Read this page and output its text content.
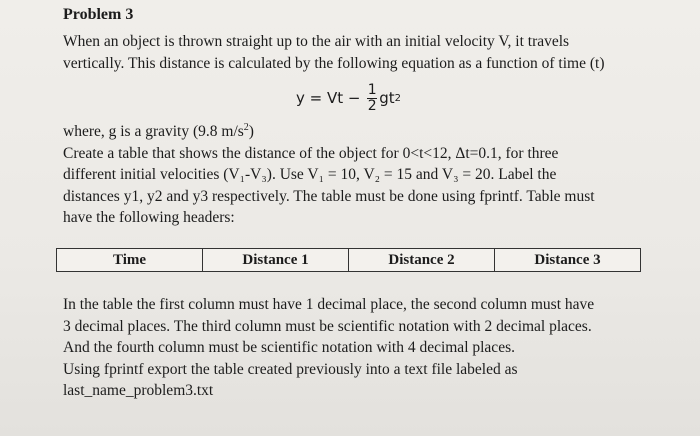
Problem 3

When an object is thrown straight up to the air with an initial velocity V, it travels
vertically. This distance is calculated by the following equation as a function of time (t)

$y = Vt - \frac{1}{2}$ gt 2

where, g is a gravity (9.8 $m/s^2$)
Create a table that shows the distance of the object for 0<t<12, Δt=0.1, for three
different initial velocities (V₁-V₃). Use V₁ = 10, V₂ = 15 and V₃ = 20. Label the
distances y1, y2 and y3 respectively. The table must be done using fprintf. Table must
have the following headers:

Time	Distance 1	Distance 2	Distance 3

In the table the first column must have 1 decimal place, the second column must have
3 decimal places. The third column must be scientific notation with 2 decimal places.
And the fourth column must be scientific notation with 4 decimal places.
Using fprintf export the table created previously into a text file labeled as
last_name_problem3.txt
